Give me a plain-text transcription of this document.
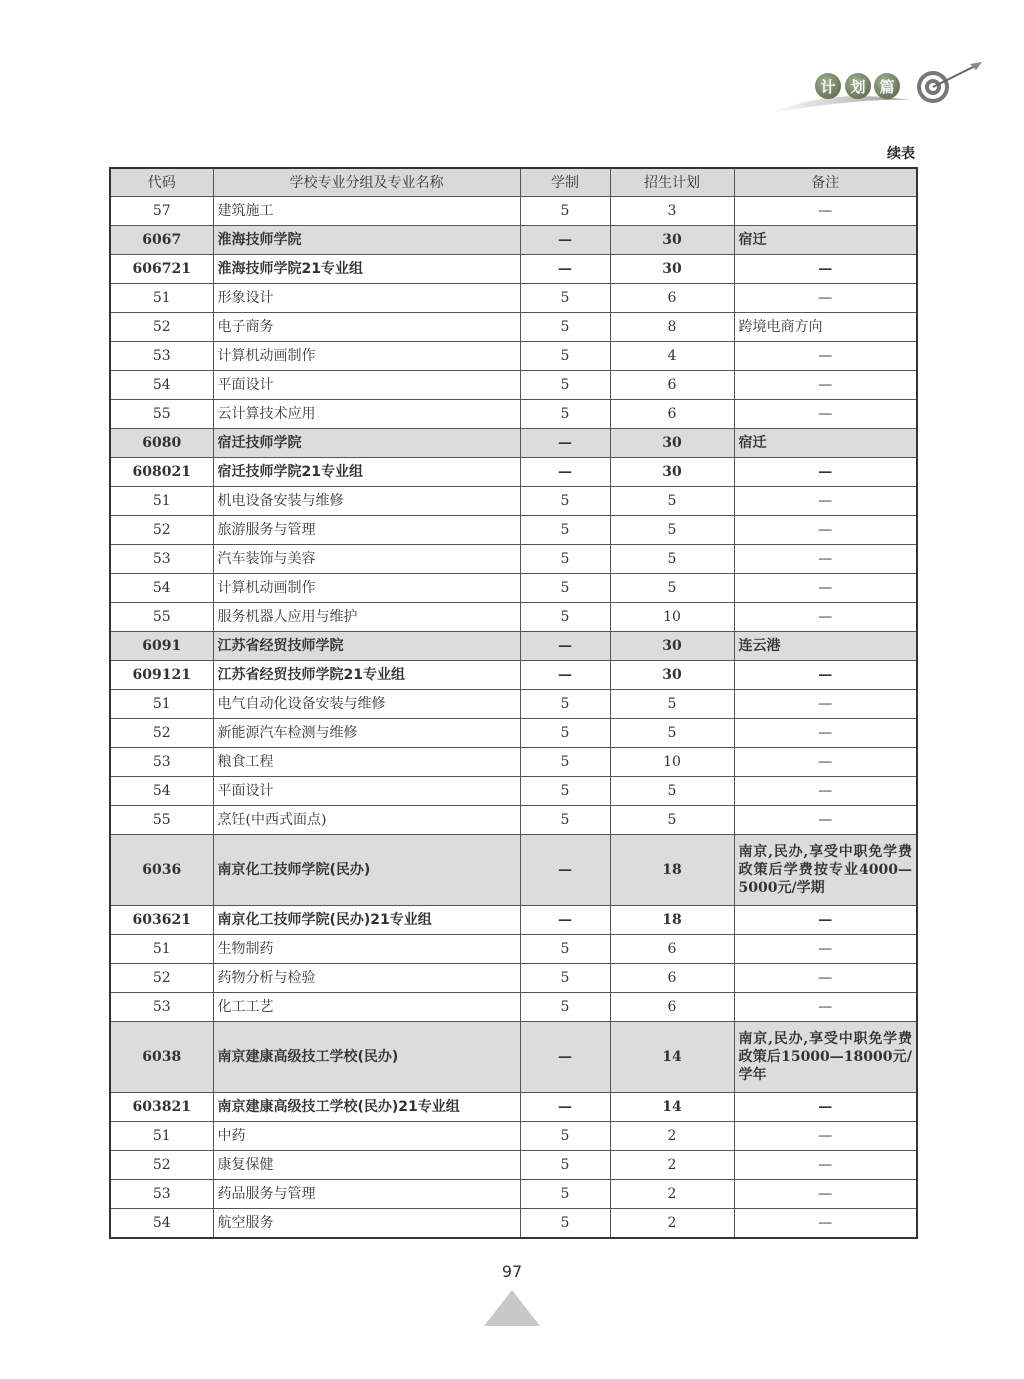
计 划 篇
续表
代码	学校专业分组及专业名称	学制	招生计划	备注
57	建筑施工	5	3	—
6067	淮海技师学院	—	30	宿迁
606721	淮海技师学院21专业组	—	30	—
51	形象设计	5	6	—
52	电子商务	5	8	跨境电商方向
53	计算机动画制作	5	4	—
54	平面设计	5	6	—
55	云计算技术应用	5	6	—
6080	宿迁技师学院	—	30	宿迁
608021	宿迁技师学院21专业组	—	30	—
51	机电设备安装与维修	5	5	—
52	旅游服务与管理	5	5	—
53	汽车装饰与美容	5	5	—
54	计算机动画制作	5	5	—
55	服务机器人应用与维护	5	10	—
6091	江苏省经贸技师学院	—	30	连云港
609121	江苏省经贸技师学院21专业组	—	30	—
51	电气自动化设备安装与维修	5	5	—
52	新能源汽车检测与维修	5	5	—
53	粮食工程	5	10	—
54	平面设计	5	5	—
55	烹饪(中西式面点)	5	5	—
6036	南京化工技师学院(民办)	—	18	南京,民办,享受中职免学费政策后学费按专业4000—5000元/学期
603621	南京化工技师学院(民办)21专业组	—	18	—
51	生物制药	5	6	—
52	药物分析与检验	5	6	—
53	化工工艺	5	6	—
6038	南京建康高级技工学校(民办)	—	14	南京,民办,享受中职免学费政策后15000—18000元/学年
603821	南京建康高级技工学校(民办)21专业组	—	14	—
51	中药	5	2	—
52	康复保健	5	2	—
53	药品服务与管理	5	2	—
54	航空服务	5	2	—
97
